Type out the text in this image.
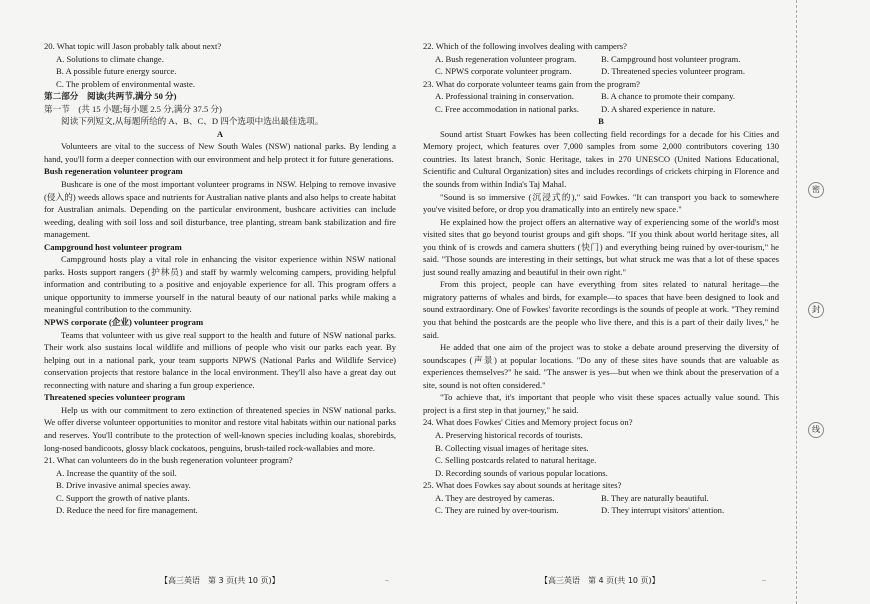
20. What topic will Jason probably talk about next?

A. Solutions to climate change.

B. A possible future energy source.

C. The problem of environmental waste.

第二部分　阅读(共两节,满分 50 分)

第一节　(共 15 小题;每小题 2.5 分,满分 37.5 分)

阅读下列短文,从每题所给的 A、B、C、D 四个选项中选出最佳选项。

A

Volunteers are vital to the success of New South Wales (NSW) national parks. By lending a hand, you'll form a deeper connection with our environment and help protect it for future generations.

Bush regeneration volunteer program

Bushcare is one of the most important volunteer programs in NSW. Helping to remove invasive (侵入的) weeds allows space and nutrients for Australian native plants and also helps to create habitat for Australian animals. Depending on the particular environment, bushcare activities can include weeding, dealing with soil loss and soil disturbance, tree planting, stream bank stabilization and fire management.

Campground host volunteer program

Campground hosts play a vital role in enhancing the visitor experience within NSW national parks. Hosts support rangers (护林员) and staff by warmly welcoming campers, providing helpful information and contributing to a positive and enjoyable experience for all. This program offers a unique opportunity to immerse yourself in the natural beauty of our national parks while making a meaningful contribution to the community.

NPWS corporate (企业) volunteer program

Teams that volunteer with us give real support to the health and future of NSW national parks. Their work also sustains local wildlife and millions of people who visit our parks each year. By helping out in a national park, your team supports NPWS (National Parks and Wildlife Service) conservation projects that restore balance in the local environment. They'll also have a great day out reconnecting with nature and sharing a fun group experience.

Threatened species volunteer program

Help us with our commitment to zero extinction of threatened species in NSW national parks. We offer diverse volunteer opportunities to monitor and restore vital habitats within our national parks and reserves. You'll contribute to the protection of well-known species including koalas, shorebirds, long-nosed bandicoots, glossy black cockatoos, penguins, brush-tailed rock-wallabies and more.

21. What can volunteers do in the bush regeneration volunteer program?

A. Increase the quantity of the soil.

B. Drive invasive animal species away.

C. Support the growth of native plants.

D. Reduce the need for fire management.

22. Which of the following involves dealing with campers?

A. Bush regeneration volunteer program.	B. Campground host volunteer program.
C. NPWS corporate volunteer program.	D. Threatened species volunteer program.

23. What do corporate volunteer teams gain from the program?

A. Professional training in conservation.	B. A chance to promote their company.
C. Free accommodation in national parks.	D. A shared experience in nature.

B

Sound artist Stuart Fowkes has been collecting field recordings for a decade for his Cities and Memory project, which features over 7,000 samples from some 2,000 contributors covering 130 countries. Its latest branch, Sonic Heritage, takes in 270 UNESCO (United Nations Educational, Scientific and Cultural Organization) sites and includes recordings of crickets chirping in Florence and the sounds from within India's Taj Mahal.

"Sound is so immersive (沉浸式的)," said Fowkes. "It can transport you back to somewhere you've visited before, or drop you dramatically into an entirely new space."

He explained how the project offers an alternative way of experiencing some of the world's most visited sites that go beyond tourist groups and gift shops. "If you think about world heritage sites, all you think of is crowds and camera shutters (快门) and everything being ruined by over-tourism," he said. "Those sounds are interesting in their settings, but what struck me was that a lot of these spaces just sound really amazing and beautiful in their own right."

From this project, people can have everything from sites related to natural heritage—the migratory patterns of whales and birds, for example—to spaces that have been designed to look and sound extraordinary. One of Fowkes' favorite recordings is the sounds of people at work. "They remind you that behind the postcards are the people who live there, and this is a part of their daily lives," he said.

He added that one aim of the project was to stoke a debate around preserving the diversity of soundscapes (声景) at popular locations. "Do any of these sites have sounds that are valuable as experiences themselves?" he said. "The answer is yes—but when we think about the preservation of a site, sound is not often considered."

"To achieve that, it's important that people who visit these spaces actually value sound. This project is a first step in that journey," he said.

24. What does Fowkes' Cities and Memory project focus on?

A. Preserving historical records of tourists.

B. Collecting visual images of heritage sites.

C. Selling postcards related to natural heritage.

D. Recording sounds of various popular locations.

25. What does Fowkes say about sounds at heritage sites?

A. They are destroyed by cameras.	B. They are naturally beautiful.
C. They are ruined by over-tourism.	D. They interrupt visitors' attention.
【高三英语　第 3 页(共 10 页)】	【高三英语　第 4 页(共 10 页)】
..	..
密
封
线
